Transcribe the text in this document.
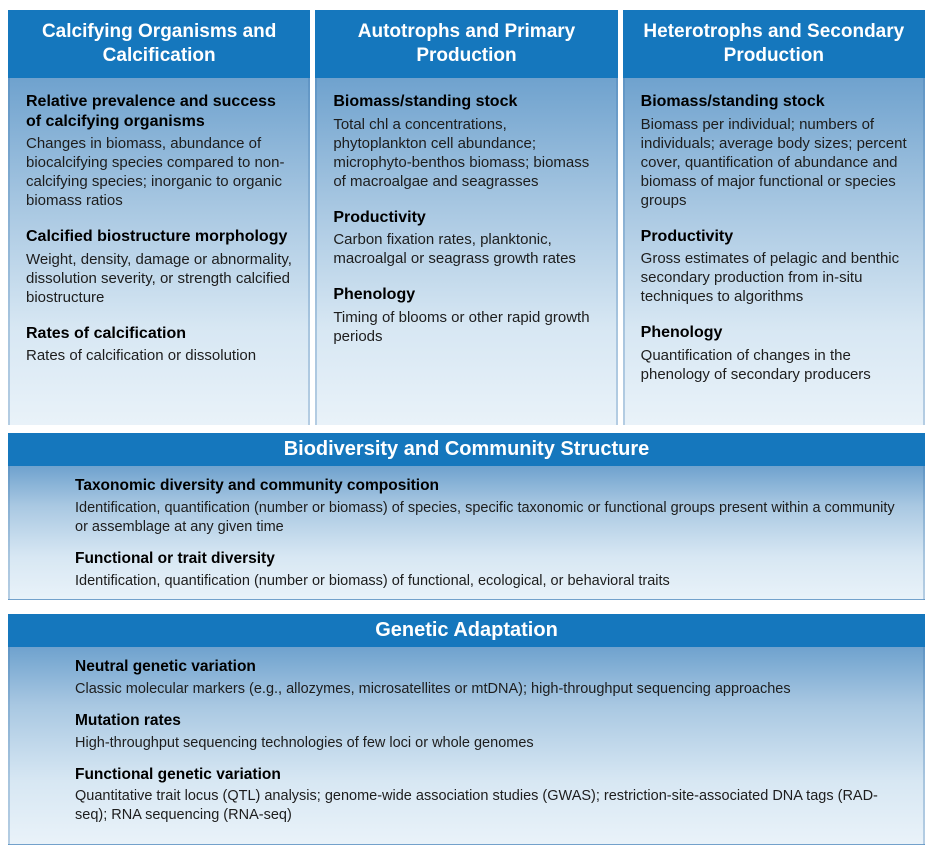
Calcifying Organisms and Calcification
Relative prevalence and success of calcifying organisms
Changes in biomass, abundance of biocalcifying species compared to non-calcifying species; inorganic to organic biomass ratios
Calcified biostructure morphology
Weight, density, damage or abnormality, dissolution severity, or strength calcified biostructure
Rates of calcification
Rates of calcification or dissolution
Autotrophs and Primary Production
Biomass/standing stock
Total chl a concentrations, phytoplankton cell abundance; microphyto-benthos biomass; biomass of macroalgae and seagrasses
Productivity
Carbon fixation rates, planktonic, macroalgal or seagrass growth rates
Phenology
Timing of blooms or other rapid growth periods
Heterotrophs and Secondary Production
Biomass/standing stock
Biomass per individual; numbers of individuals; average body sizes; percent cover, quantification of abundance and biomass of major functional or species groups
Productivity
Gross estimates of pelagic and benthic secondary production from in-situ techniques to algorithms
Phenology
Quantification of changes in the phenology of secondary producers
Biodiversity and Community Structure
Taxonomic diversity and community composition
Identification, quantification (number or biomass) of species, specific taxonomic or functional groups present within a community or assemblage at any given time
Functional or trait diversity
Identification, quantification (number or biomass) of functional, ecological, or behavioral traits
Genetic Adaptation
Neutral genetic variation
Classic molecular markers (e.g., allozymes, microsatellites or mtDNA); high-throughput sequencing approaches
Mutation rates
High-throughput sequencing technologies of few loci or whole genomes
Functional genetic variation
Quantitative trait locus (QTL) analysis; genome-wide association studies (GWAS); restriction-site-associated DNA tags (RAD-seq); RNA sequencing (RNA-seq)
